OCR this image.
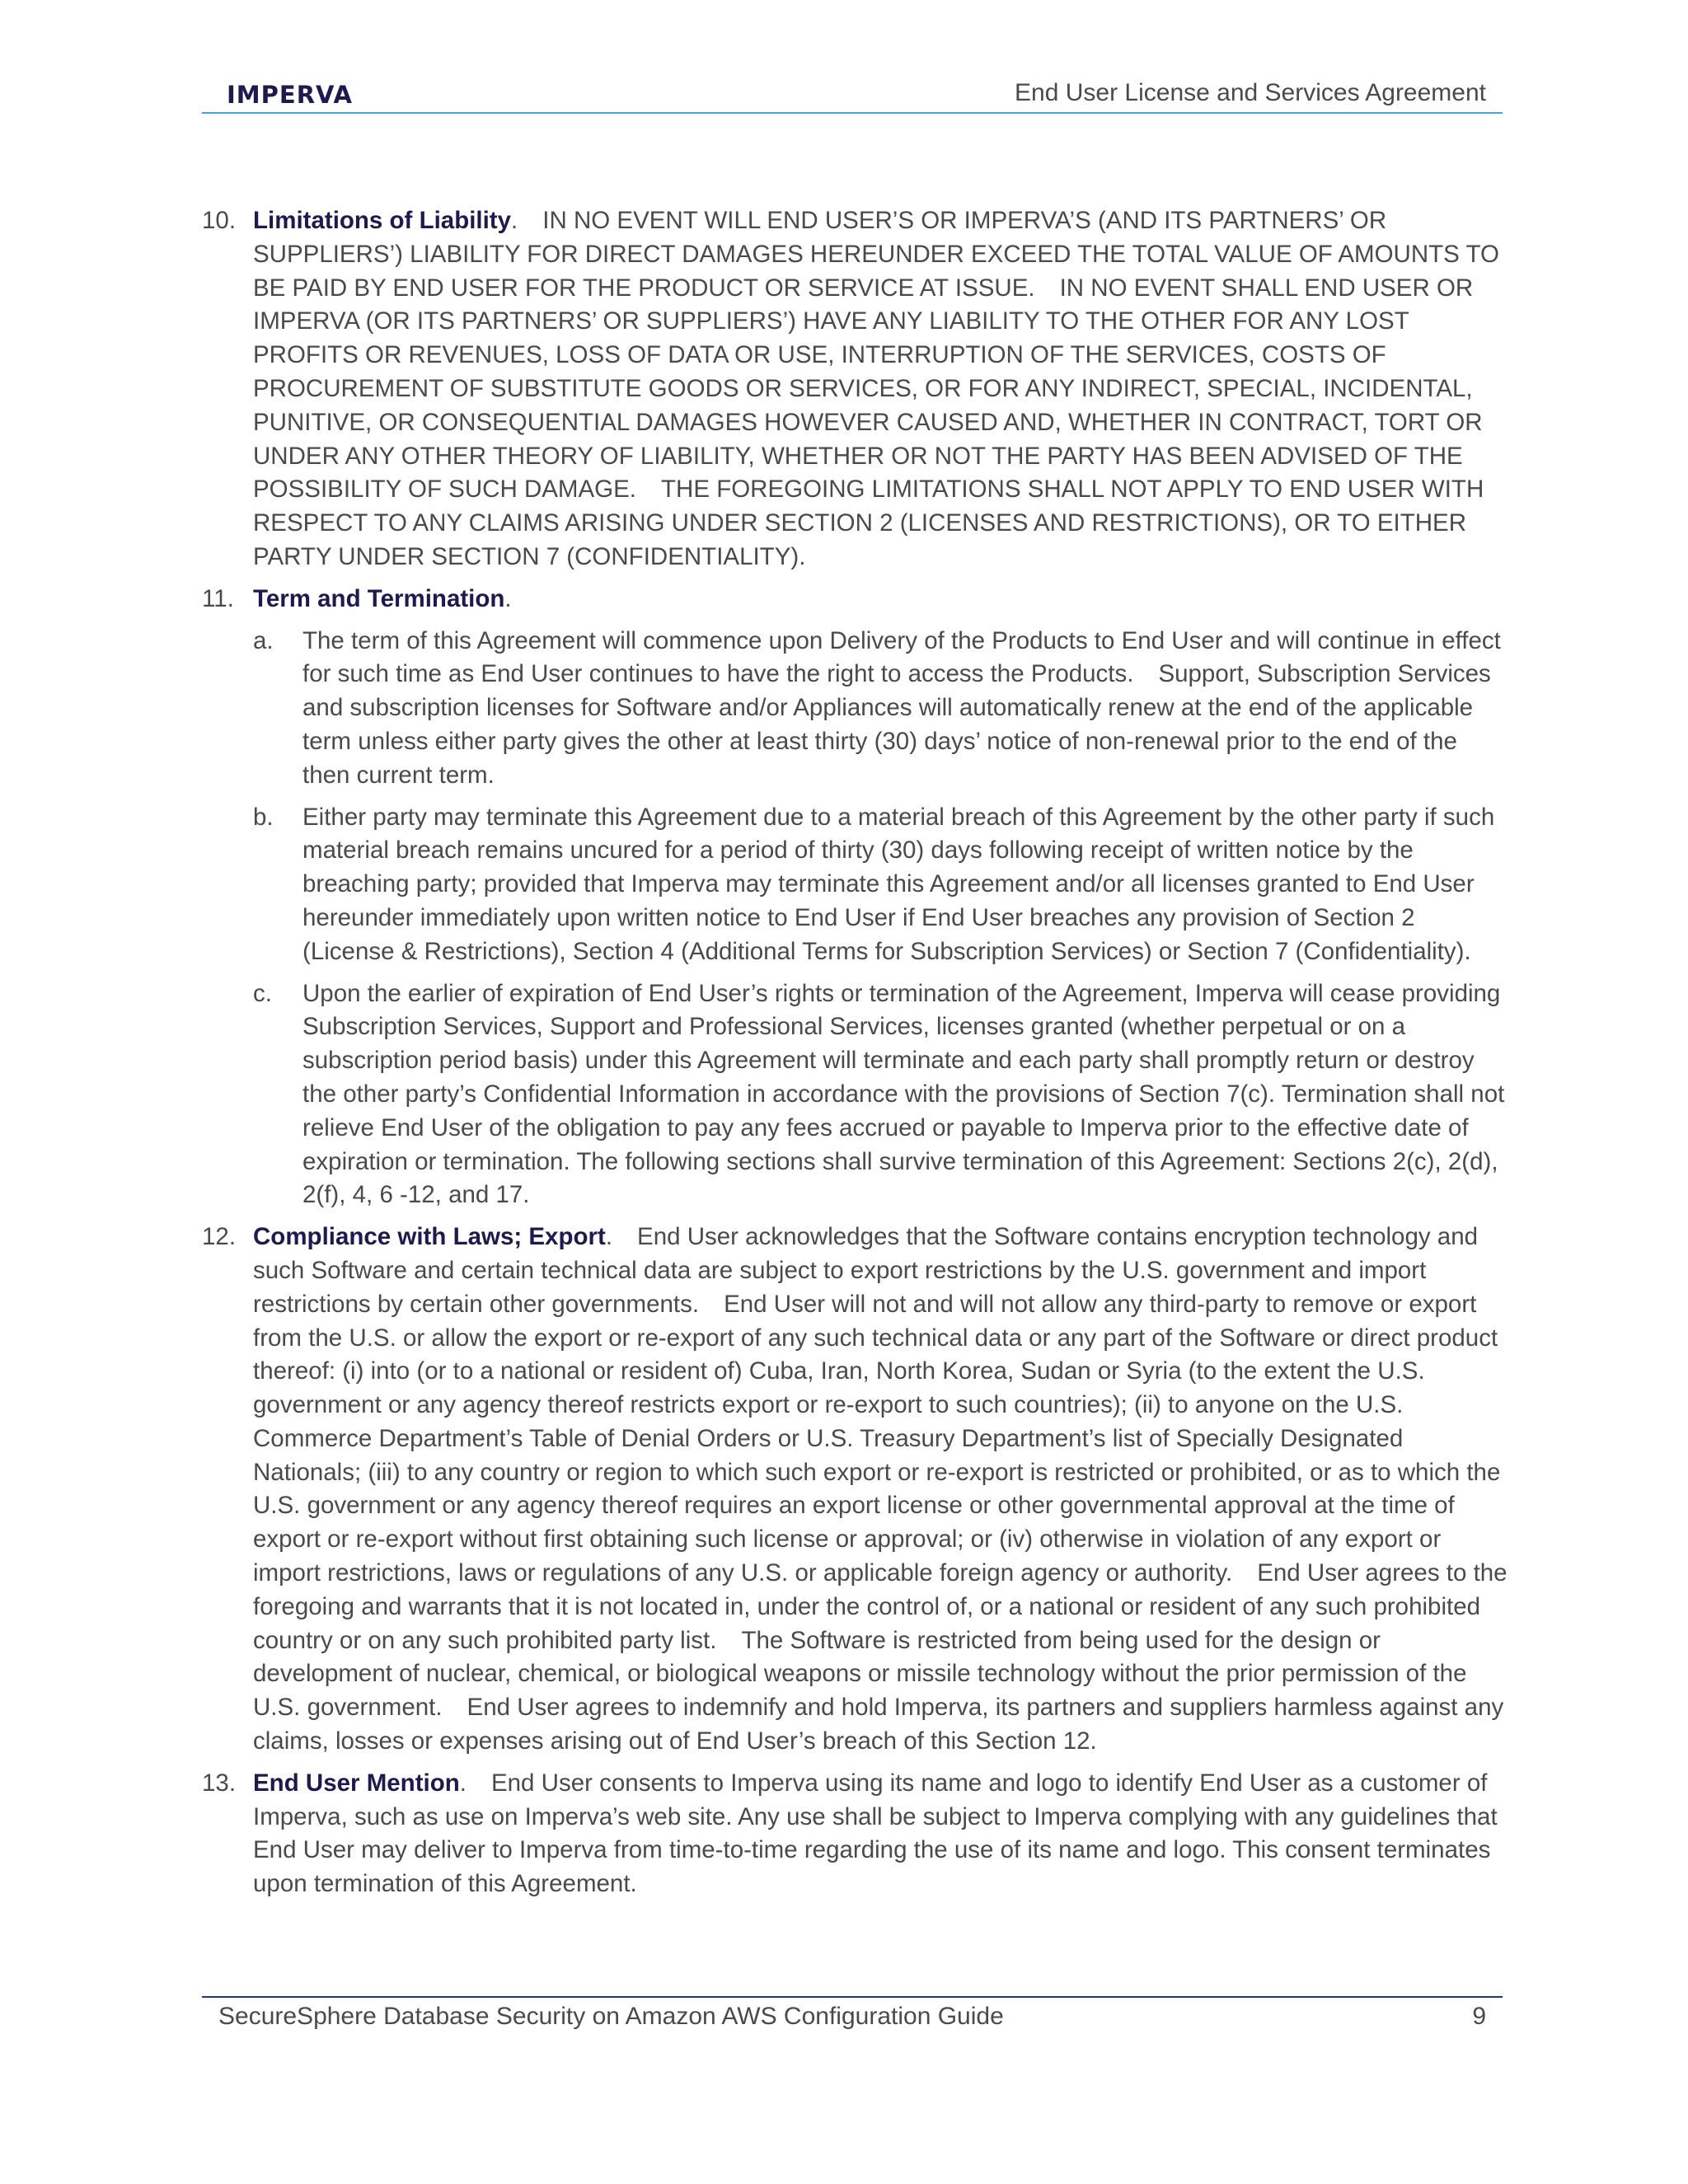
IMPERVA	End User License and Services Agreement
10. Limitations of Liability. IN NO EVENT WILL END USER’S OR IMPERVA’S (AND ITS PARTNERS’ OR SUPPLIERS’) LIABILITY FOR DIRECT DAMAGES HEREUNDER EXCEED THE TOTAL VALUE OF AMOUNTS TO BE PAID BY END USER FOR THE PRODUCT OR SERVICE AT ISSUE. IN NO EVENT SHALL END USER OR IMPERVA (OR ITS PARTNERS’ OR SUPPLIERS’) HAVE ANY LIABILITY TO THE OTHER FOR ANY LOST PROFITS OR REVENUES, LOSS OF DATA OR USE, INTERRUPTION OF THE SERVICES, COSTS OF PROCUREMENT OF SUBSTITUTE GOODS OR SERVICES, OR FOR ANY INDIRECT, SPECIAL, INCIDENTAL, PUNITIVE, OR CONSEQUENTIAL DAMAGES HOWEVER CAUSED AND, WHETHER IN CONTRACT, TORT OR UNDER ANY OTHER THEORY OF LIABILITY, WHETHER OR NOT THE PARTY HAS BEEN ADVISED OF THE POSSIBILITY OF SUCH DAMAGE. THE FOREGOING LIMITATIONS SHALL NOT APPLY TO END USER WITH RESPECT TO ANY CLAIMS ARISING UNDER SECTION 2 (LICENSES AND RESTRICTIONS), OR TO EITHER PARTY UNDER SECTION 7 (CONFIDENTIALITY).
11. Term and Termination.
a. The term of this Agreement will commence upon Delivery of the Products to End User and will continue in effect for such time as End User continues to have the right to access the Products. Support, Subscription Services and subscription licenses for Software and/or Appliances will automatically renew at the end of the applicable term unless either party gives the other at least thirty (30) days’ notice of non-renewal prior to the end of the then current term.
b. Either party may terminate this Agreement due to a material breach of this Agreement by the other party if such material breach remains uncured for a period of thirty (30) days following receipt of written notice by the breaching party; provided that Imperva may terminate this Agreement and/or all licenses granted to End User hereunder immediately upon written notice to End User if End User breaches any provision of Section 2 (License & Restrictions), Section 4 (Additional Terms for Subscription Services) or Section 7 (Confidentiality).
c. Upon the earlier of expiration of End User’s rights or termination of the Agreement, Imperva will cease providing Subscription Services, Support and Professional Services, licenses granted (whether perpetual or on a subscription period basis) under this Agreement will terminate and each party shall promptly return or destroy the other party’s Confidential Information in accordance with the provisions of Section 7(c). Termination shall not relieve End User of the obligation to pay any fees accrued or payable to Imperva prior to the effective date of expiration or termination. The following sections shall survive termination of this Agreement: Sections 2(c), 2(d), 2(f), 4, 6 -12, and 17.
12. Compliance with Laws; Export. End User acknowledges that the Software contains encryption technology and such Software and certain technical data are subject to export restrictions by the U.S. government and import restrictions by certain other governments. End User will not and will not allow any third-party to remove or export from the U.S. or allow the export or re-export of any such technical data or any part of the Software or direct product thereof: (i) into (or to a national or resident of) Cuba, Iran, North Korea, Sudan or Syria (to the extent the U.S. government or any agency thereof restricts export or re-export to such countries); (ii) to anyone on the U.S. Commerce Department’s Table of Denial Orders or U.S. Treasury Department’s list of Specially Designated Nationals; (iii) to any country or region to which such export or re-export is restricted or prohibited, or as to which the U.S. government or any agency thereof requires an export license or other governmental approval at the time of export or re-export without first obtaining such license or approval; or (iv) otherwise in violation of any export or import restrictions, laws or regulations of any U.S. or applicable foreign agency or authority. End User agrees to the foregoing and warrants that it is not located in, under the control of, or a national or resident of any such prohibited country or on any such prohibited party list. The Software is restricted from being used for the design or development of nuclear, chemical, or biological weapons or missile technology without the prior permission of the U.S. government. End User agrees to indemnify and hold Imperva, its partners and suppliers harmless against any claims, losses or expenses arising out of End User’s breach of this Section 12.
13. End User Mention. End User consents to Imperva using its name and logo to identify End User as a customer of Imperva, such as use on Imperva’s web site. Any use shall be subject to Imperva complying with any guidelines that End User may deliver to Imperva from time-to-time regarding the use of its name and logo. This consent terminates upon termination of this Agreement.
SecureSphere Database Security on Amazon AWS Configuration Guide	9
